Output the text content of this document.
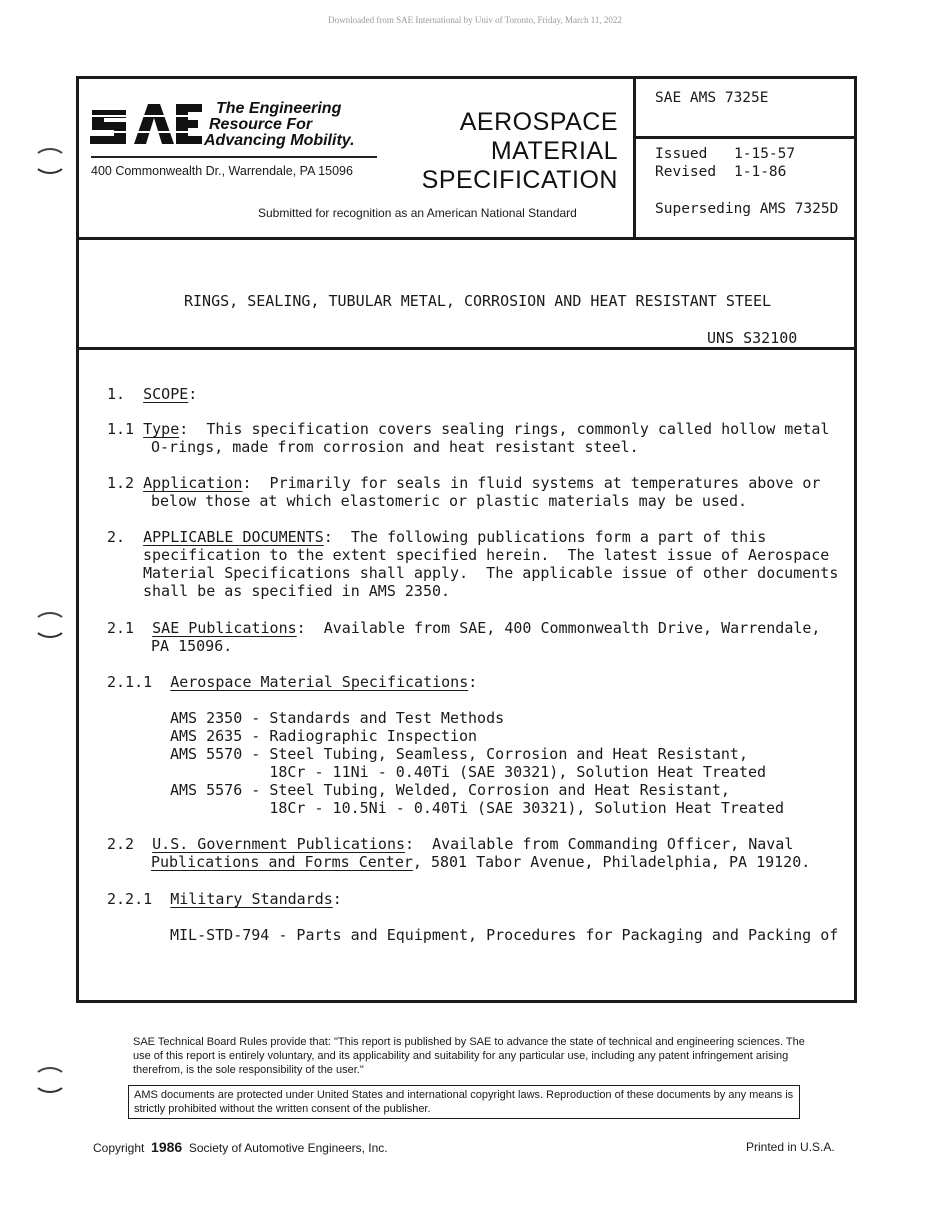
Downloaded from SAE International by Univ of Toronto, Friday, March 11, 2022
SAE	The Engineering
Resource For
Advancing Mobility.
400 Commonwealth Dr., Warrendale, PA 15096
AEROSPACE
MATERIAL
SPECIFICATION
Submitted for recognition as an American National Standard
SAE AMS 7325E
Issued 1-15-57
Revised 1-1-86
Superseding AMS 7325D
RINGS, SEALING, TUBULAR METAL, CORROSION AND HEAT RESISTANT STEEL
UNS S32100
1. SCOPE:
1.1 Type:  This specification covers sealing rings, commonly called hollow metal
O-rings, made from corrosion and heat resistant steel.
1.2 Application:  Primarily for seals in fluid systems at temperatures above or
below those at which elastomeric or plastic materials may be used.
2. APPLICABLE DOCUMENTS:  The following publications form a part of this
specification to the extent specified herein.  The latest issue of Aerospace
Material Specifications shall apply.  The applicable issue of other documents
shall be as specified in AMS 2350.
2.1 SAE Publications:  Available from SAE, 400 Commonwealth Drive, Warrendale,
PA 15096.
2.1.1 Aerospace Material Specifications:
AMS 2350 - Standards and Test Methods
AMS 2635 - Radiographic Inspection
AMS 5570 - Steel Tubing, Seamless, Corrosion and Heat Resistant,
18Cr - 11Ni - 0.40Ti (SAE 30321), Solution Heat Treated
AMS 5576 - Steel Tubing, Welded, Corrosion and Heat Resistant,
18Cr - 10.5Ni - 0.40Ti (SAE 30321), Solution Heat Treated
2.2 U.S. Government Publications:  Available from Commanding Officer, Naval
Publications and Forms Center, 5801 Tabor Avenue, Philadelphia, PA 19120.
2.2.1 Military Standards:
MIL-STD-794 - Parts and Equipment, Procedures for Packaging and Packing of
SAE Technical Board Rules provide that: "This report is published by SAE to advance the state of technical and engineering sciences. The use of this report is entirely voluntary, and its applicability and suitability for any particular use, including any patent infringement arising therefrom, is the sole responsibility of the user."
AMS documents are protected under United States and international copyright laws. Reproduction of these documents by any means is strictly prohibited without the written consent of the publisher.
Copyright 1986 Society of Automotive Engineers, Inc.	Printed in U.S.A.
